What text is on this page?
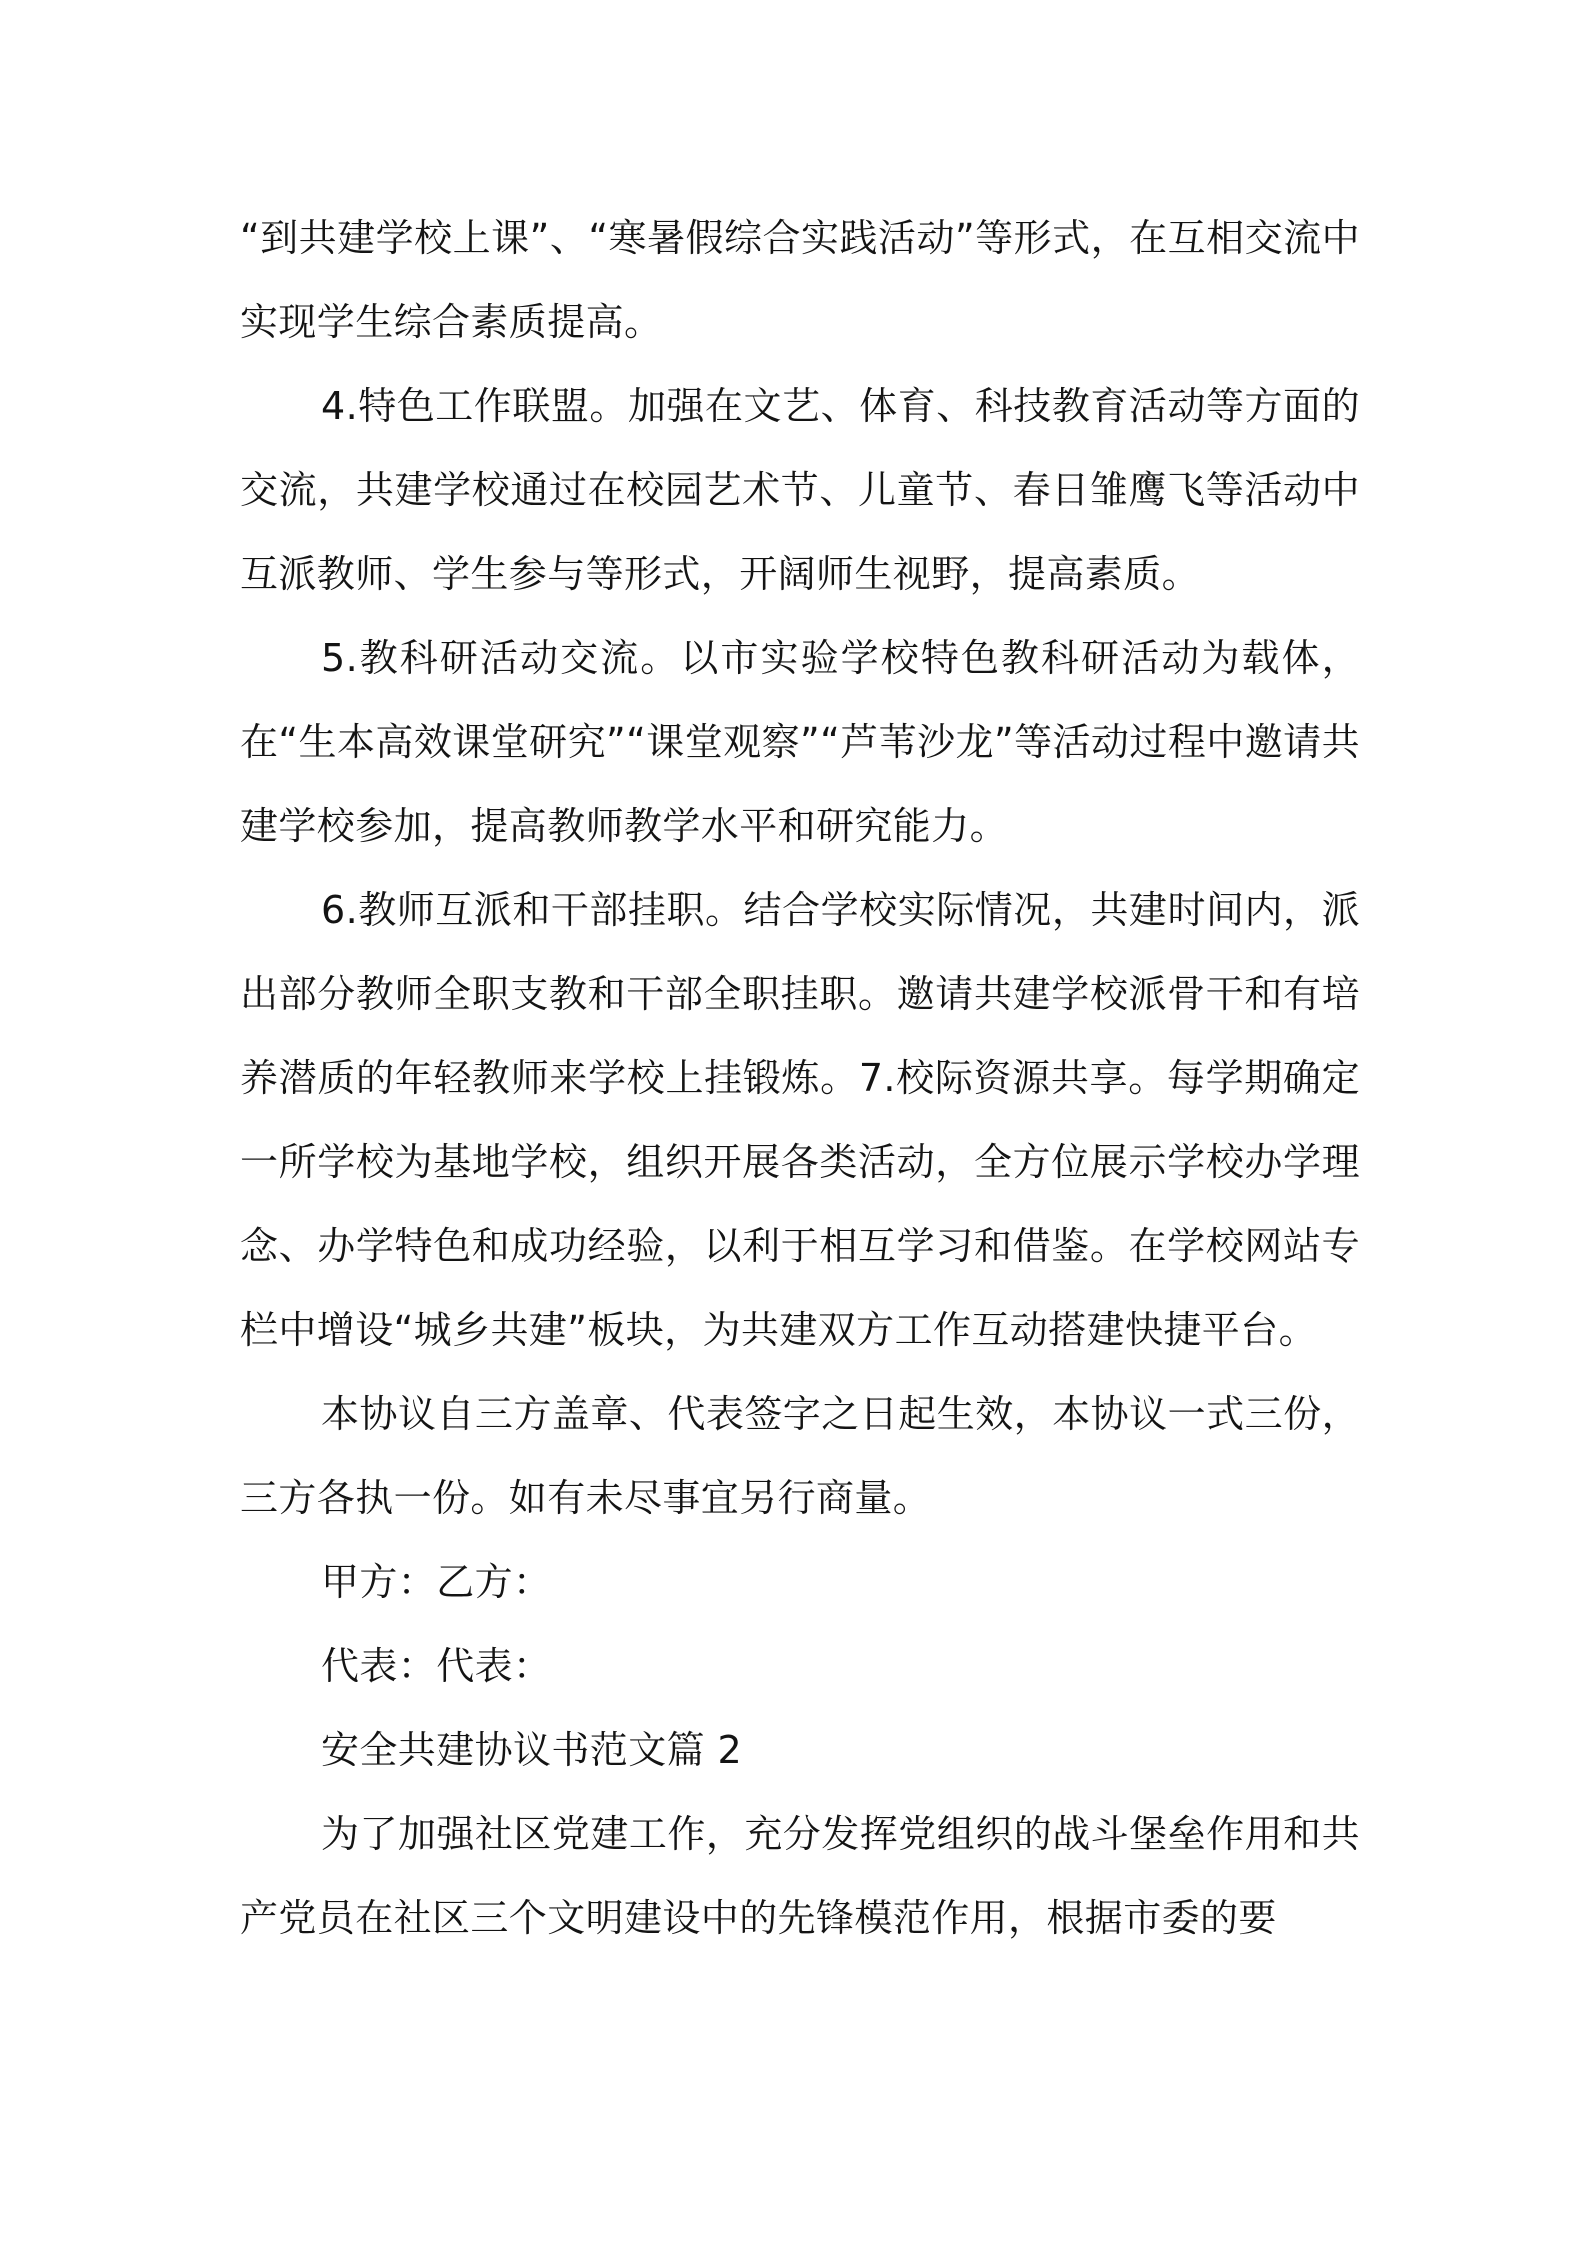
“到共建学校上课”、“寒暑假综合实践活动”等形式，在互相交流中实现学生综合素质提高。

4.特色工作联盟。加强在文艺、体育、科技教育活动等方面的交流，共建学校通过在校园艺术节、儿童节、春日雏鹰飞等活动中互派教师、学生参与等形式，开阔师生视野，提高素质。

5.教科研活动交流。以市实验学校特色教科研活动为载体，在“生本高效课堂研究”“课堂观察”“芦苇沙龙”等活动过程中邀请共建学校参加，提高教师教学水平和研究能力。

6.教师互派和干部挂职。结合学校实际情况，共建时间内，派出部分教师全职支教和干部全职挂职。邀请共建学校派骨干和有培养潜质的年轻教师来学校上挂锻炼。7.校际资源共享。每学期确定一所学校为基地学校，组织开展各类活动，全方位展示学校办学理念、办学特色和成功经验，以利于相互学习和借鉴。在学校网站专栏中增设“城乡共建”板块，为共建双方工作互动搭建快捷平台。

本协议自三方盖章、代表签字之日起生效，本协议一式三份，三方各执一份。如有未尽事宜另行商量。

甲方：乙方：

代表：代表：

安全共建协议书范文篇 2

为了加强社区党建工作，充分发挥党组织的战斗堡垒作用和共产党员在社区三个文明建设中的先锋模范作用，根据市委的要
